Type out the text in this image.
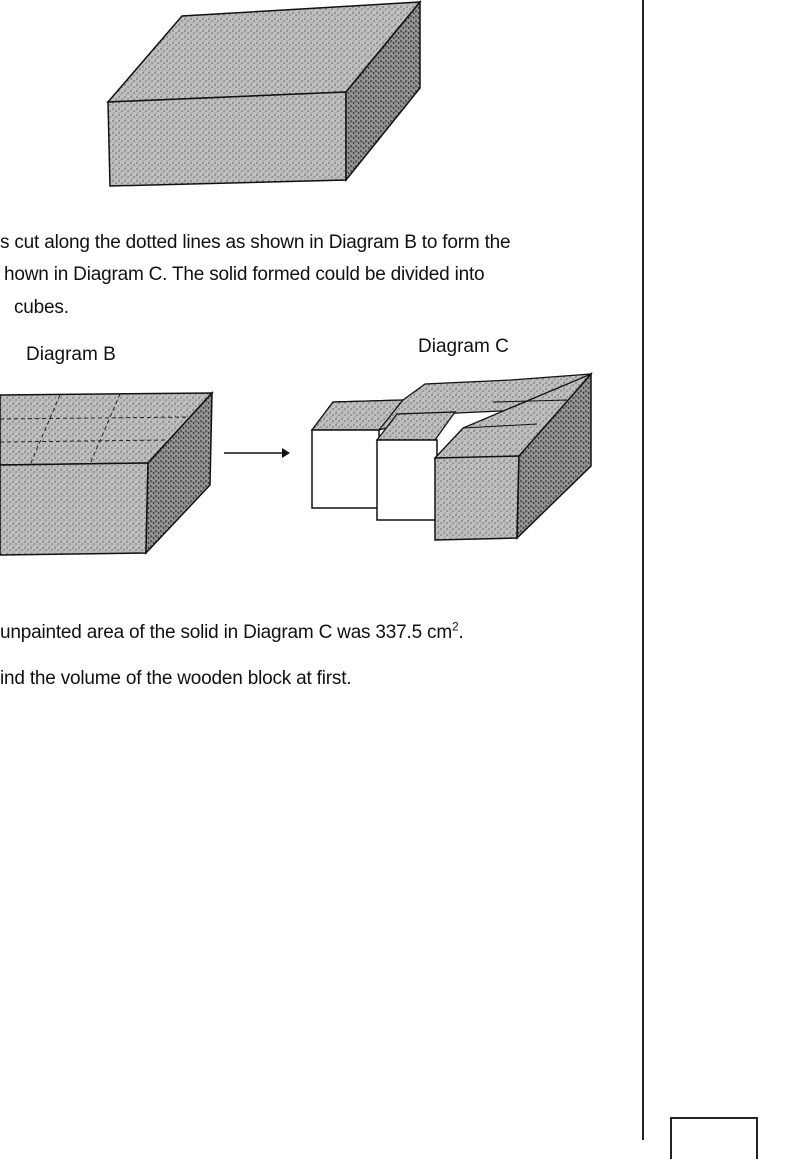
s cut along the dotted lines as shown in Diagram B to form the
hown in Diagram C. The solid formed could be divided into
cubes.
Diagram B	Diagram C
unpainted area of the solid in Diagram C was 337.5 $cm^2$.
ind the volume of the wooden block at first.
